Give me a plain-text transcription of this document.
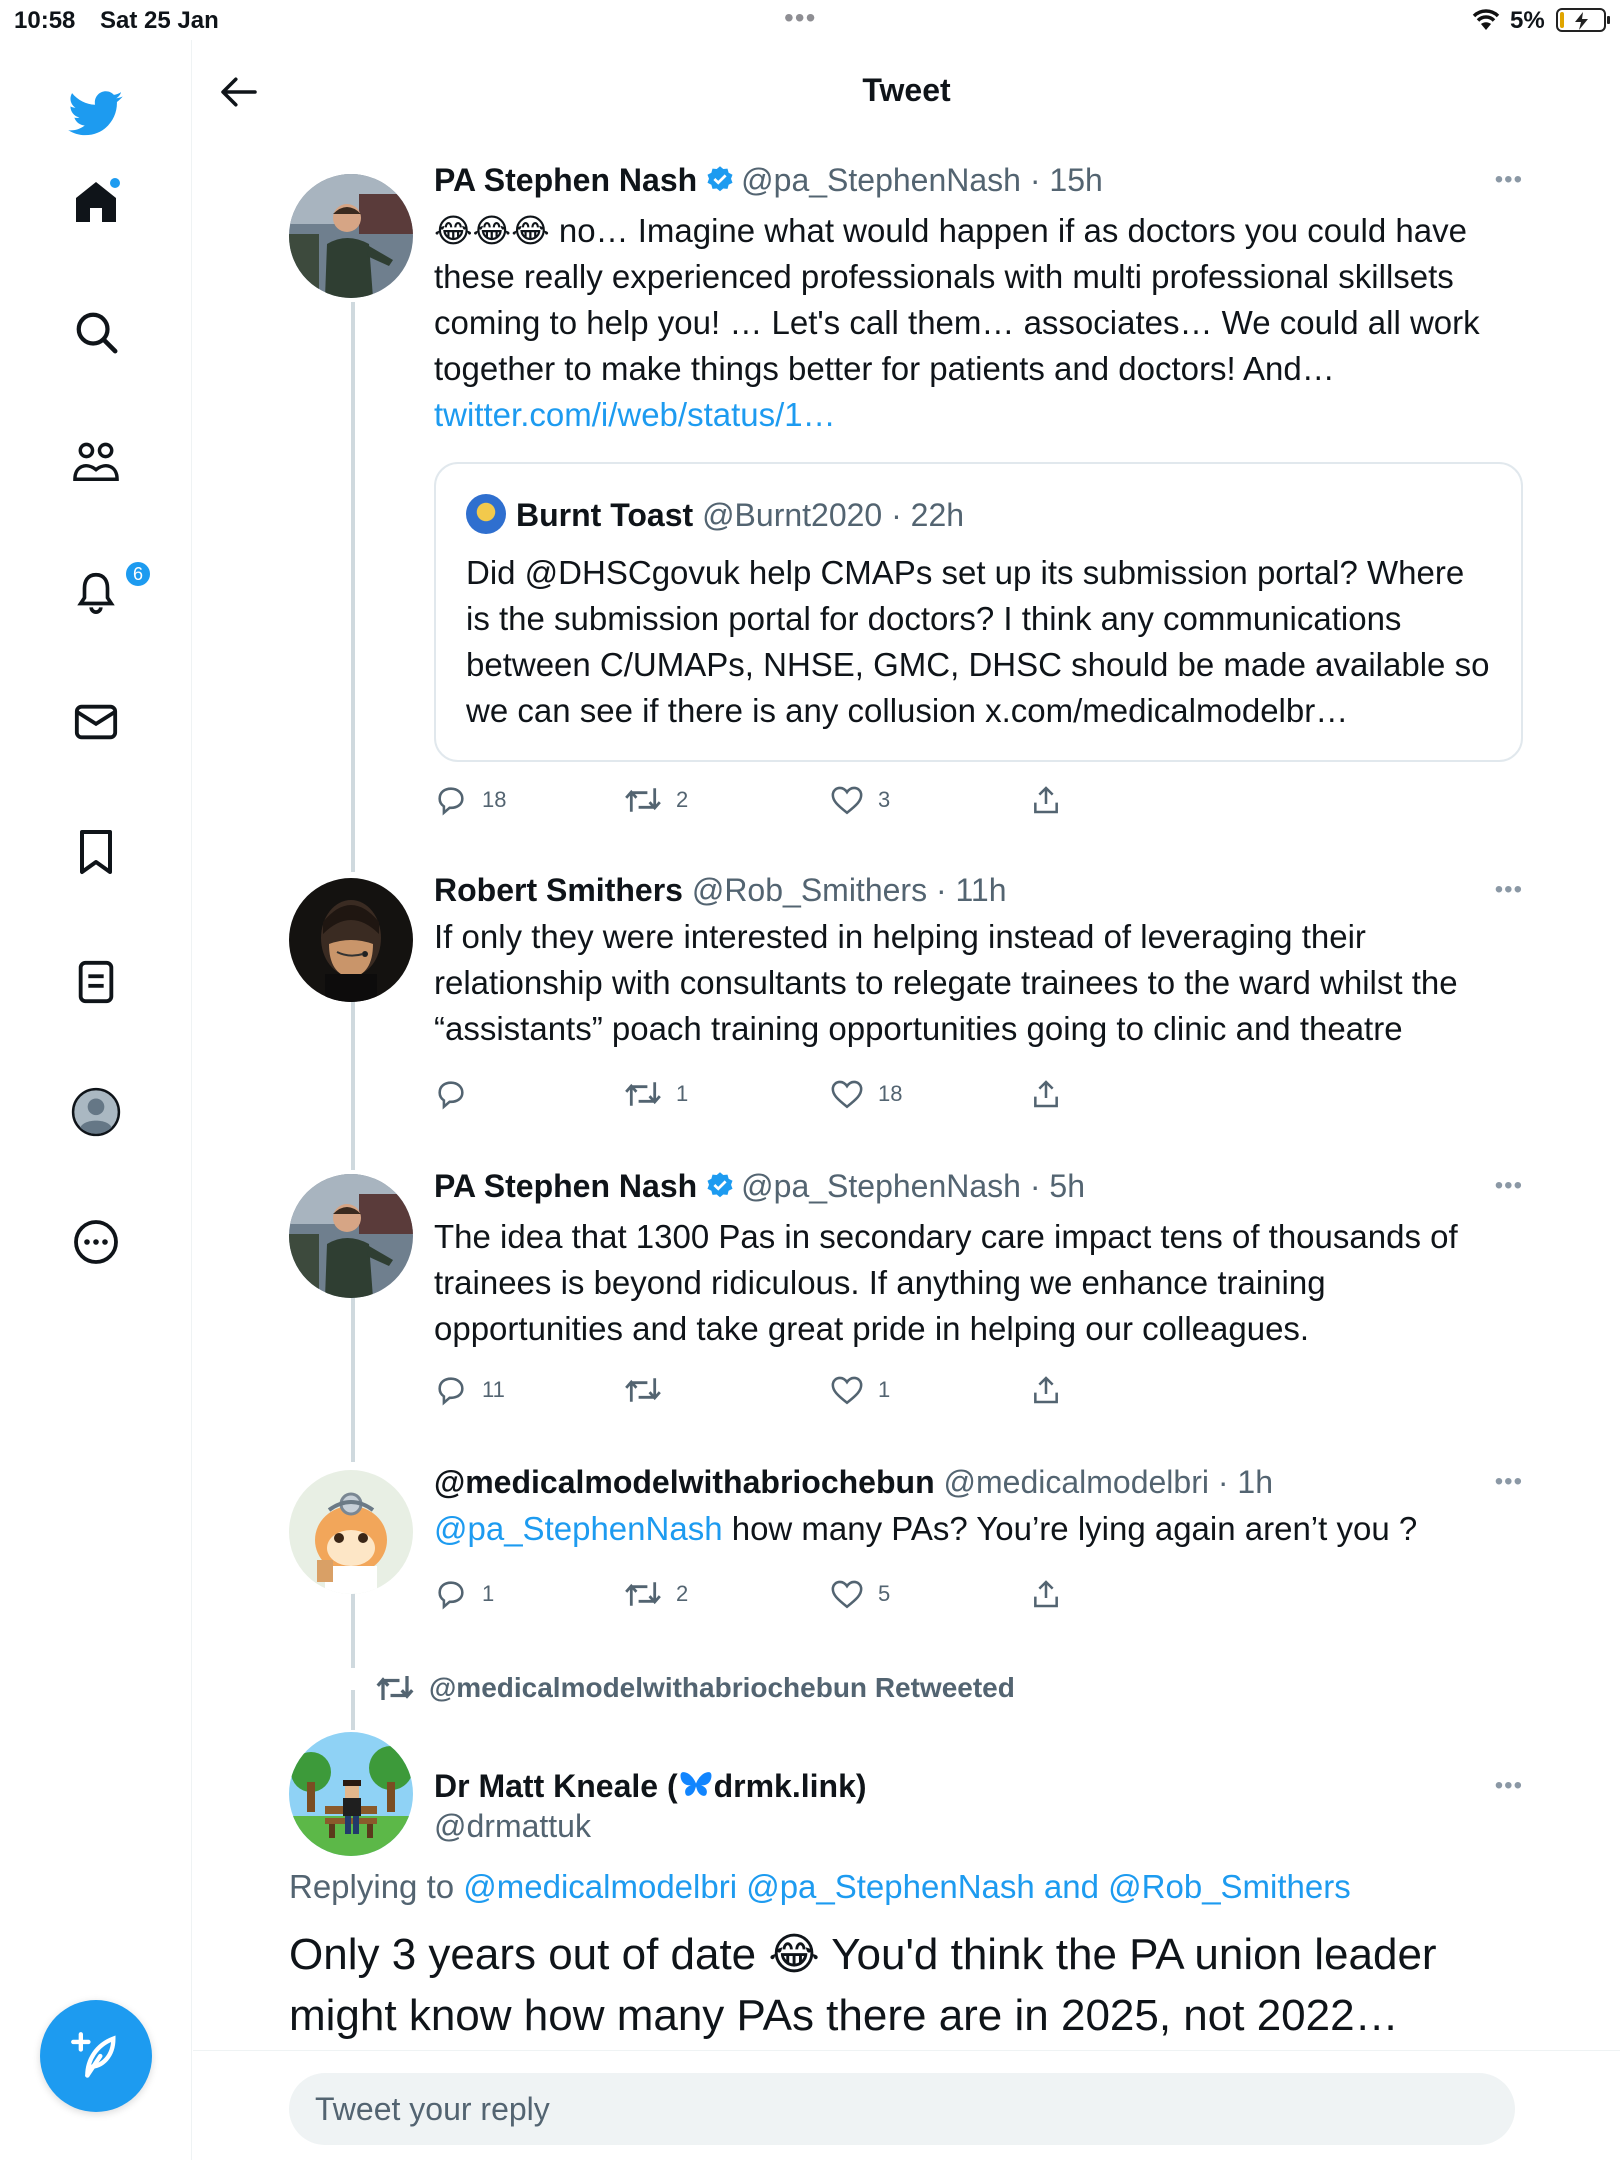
10:58 Sat 25 Jan	•••	5%
6
Tweet
PA Stephen Nash @pa_StephenNash · 15h	•••
😂😂😂 no… Imagine what would happen if as doctors you could have these really experienced professionals with multi professional skillsets coming to help you! … Let's call them… associates… We could all work together to make things better for patients and doctors! And…
twitter.com/i/web/status/1…
Burnt Toast @Burnt2020 · 22h
Did @DHSCgovuk help CMAPs set up its submission portal? Where is the submission portal for doctors? I think any communications between C/UMAPs, NHSE, GMC, DHSC should be made available so we can see if there is any collusion x.com/medicalmodelbr…
18	2	3
Robert Smithers @Rob_Smithers · 11h	•••
If only they were interested in helping instead of leveraging their relationship with consultants to relegate trainees to the ward whilst the “assistants” poach training opportunities going to clinic and theatre
1	18
PA Stephen Nash @pa_StephenNash · 5h	•••
The idea that 1300 Pas in secondary care impact tens of thousands of trainees is beyond ridiculous. If anything we enhance training opportunities and take great pride in helping our colleagues.
11	1
@medicalmodelwithabriochebun @medicalmodelbri · 1h	•••
@pa_StephenNash how many PAs? You’re lying again aren’t you ?
1	2	5
@medicalmodelwithabriochebun Retweeted
Dr Matt Kneale ( drmk.link)
@drmattuk
•••
Replying to @medicalmodelbri @pa_StephenNash and @Rob_Smithers
Only 3 years out of date 😂 You'd think the PA union leader might know how many PAs there are in 2025, not 2022…
Tweet your reply
